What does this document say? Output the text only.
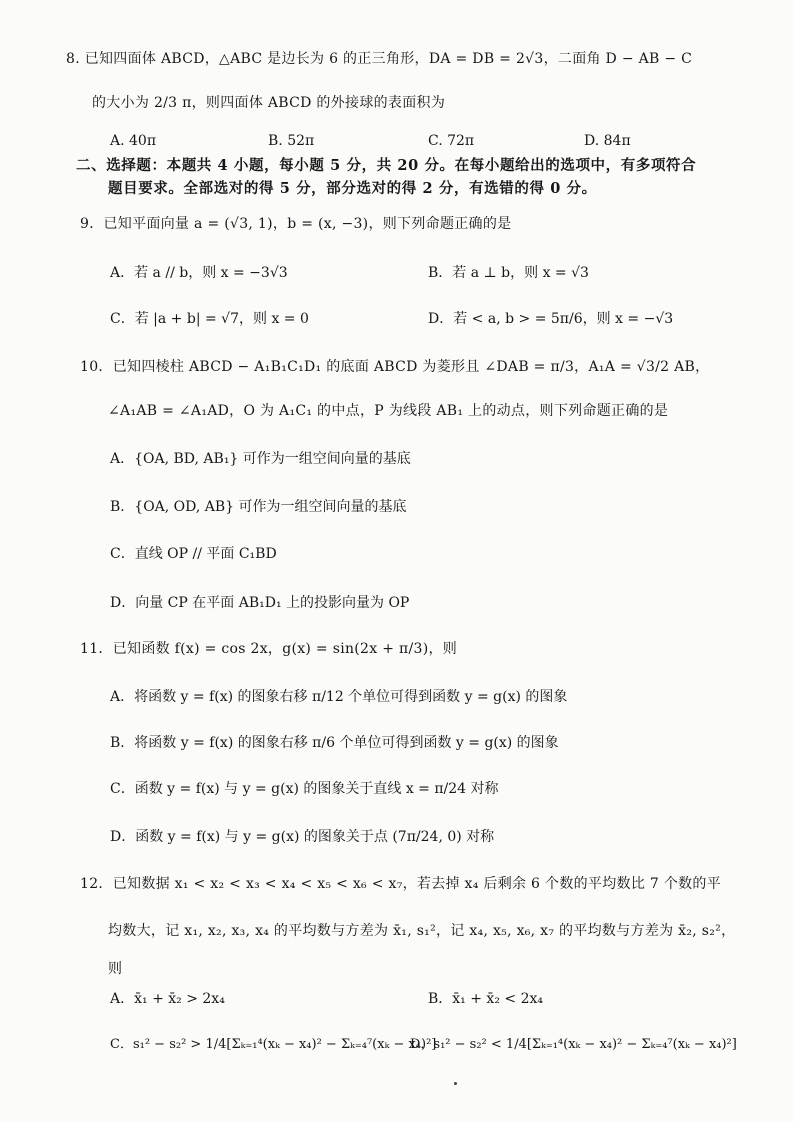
8. 已知四面体 ABCD，△ABC 是边长为 6 的正三角形，DA = DB = 2√3，二面角 D − AB − C
的大小为 2/3 π，则四面体 ABCD 的外接球的表面积为
A. 40π	B. 52π	C. 72π	D. 84π
二、选择题：本题共 4 小题，每小题 5 分，共 20 分。在每小题给出的选项中，有多项符合
题目要求。全部选对的得 5 分，部分选对的得 2 分，有选错的得 0 分。
9．已知平面向量 a = (√3, 1)，b = (x, −3)，则下列命题正确的是
A．若 a // b，则 x = −3√3	B．若 a ⊥ b，则 x = √3
C．若 |a + b| = √7，则 x = 0	D．若 < a, b > = 5π/6，则 x = −√3
10．已知四棱柱 ABCD − A₁B₁C₁D₁ 的底面 ABCD 为菱形且 ∠DAB = π/3，A₁A = √3/2 AB，
∠A₁AB = ∠A₁AD，O 为 A₁C₁ 的中点，P 为线段 AB₁ 上的动点，则下列命题正确的是
A．{OA, BD, AB₁} 可作为一组空间向量的基底
B．{OA, OD, AB} 可作为一组空间向量的基底
C．直线 OP // 平面 C₁BD
D．向量 CP 在平面 AB₁D₁ 上的投影向量为 OP
11．已知函数 f(x) = cos 2x，g(x) = sin(2x + π/3)，则
A．将函数 y = f(x) 的图象右移 π/12 个单位可得到函数 y = g(x) 的图象
B．将函数 y = f(x) 的图象右移 π/6 个单位可得到函数 y = g(x) 的图象
C．函数 y = f(x) 与 y = g(x) 的图象关于直线 x = π/24 对称
D．函数 y = f(x) 与 y = g(x) 的图象关于点 (7π/24, 0) 对称
12．已知数据 x₁ < x₂ < x₃ < x₄ < x₅ < x₆ < x₇，若去掉 x₄ 后剩余 6 个数的平均数比 7 个数的平
均数大，记 x₁, x₂, x₃, x₄ 的平均数与方差为 x̄₁, s₁²，记 x₄, x₅, x₆, x₇ 的平均数与方差为 x̄₂, s₂²，
则
A．x̄₁ + x̄₂ > 2x₄	B．x̄₁ + x̄₂ < 2x₄
C．s₁² − s₂² > 1/4[Σₖ₌₁⁴(xₖ − x₄)² − Σₖ₌₄⁷(xₖ − x₄)²]
D．s₁² − s₂² < 1/4[Σₖ₌₁⁴(xₖ − x₄)² − Σₖ₌₄⁷(xₖ − x₄)²]
